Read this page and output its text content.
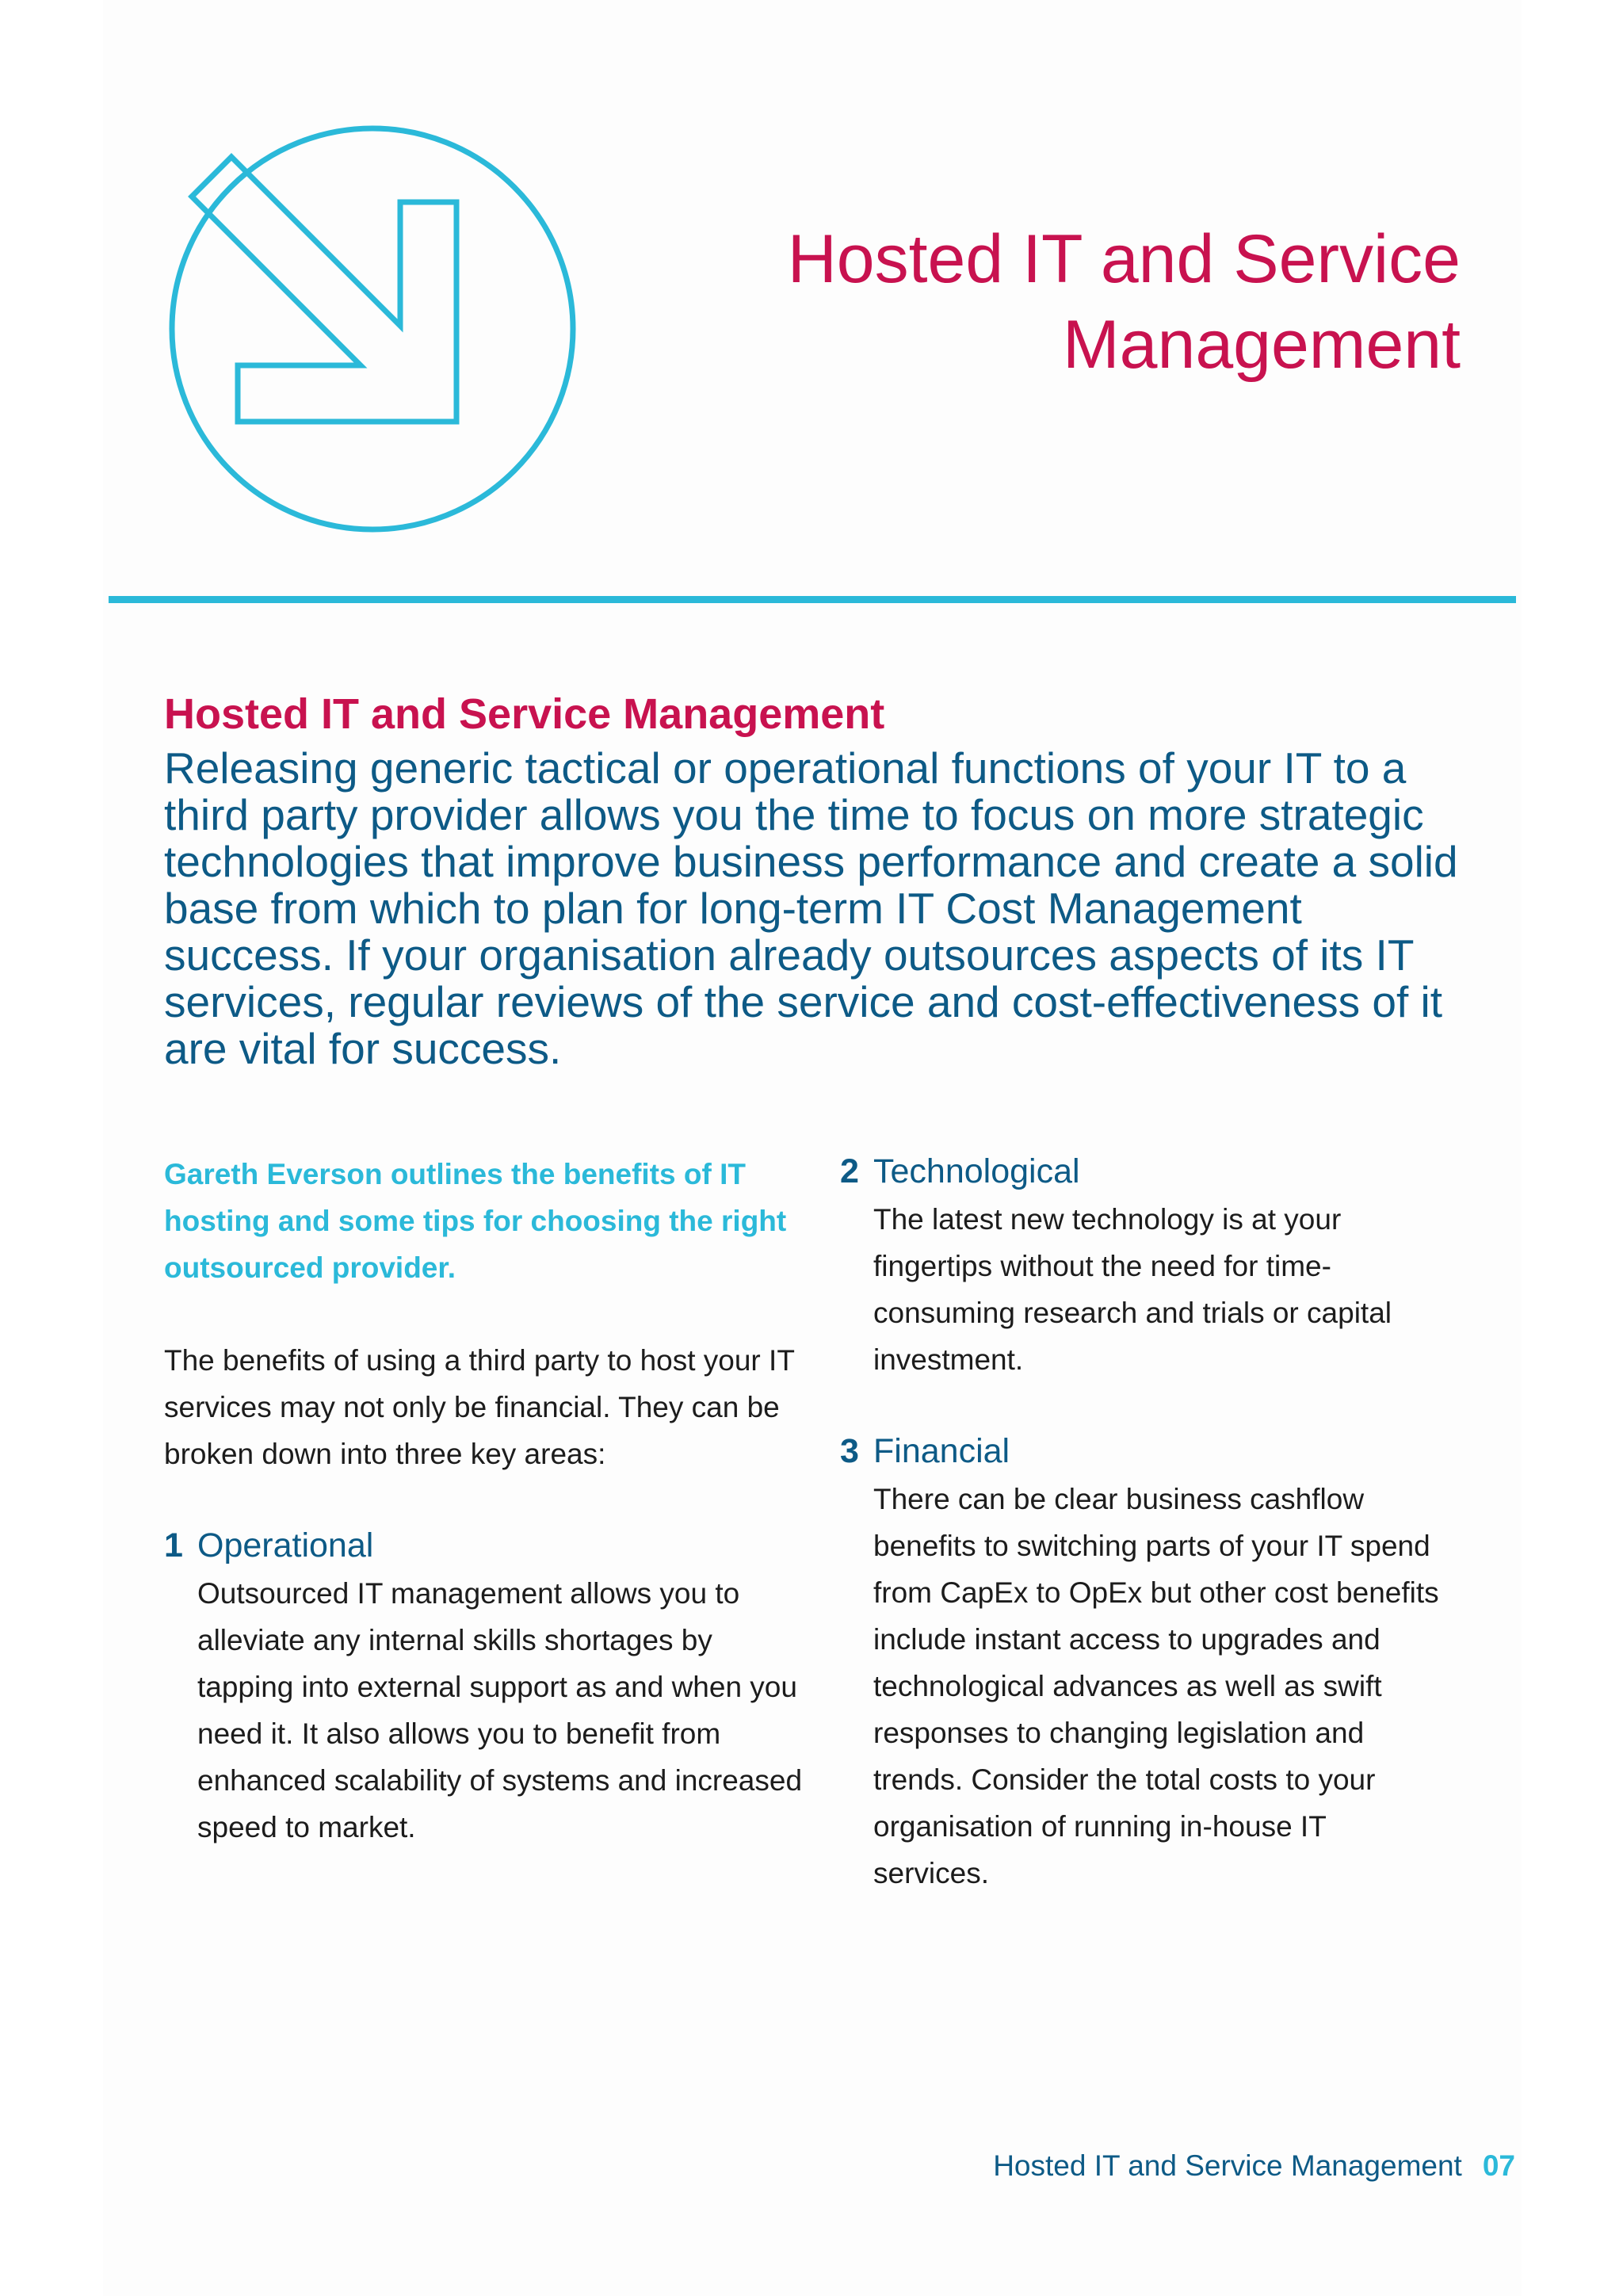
Hosted IT and Service Management
Hosted IT and Service Management

Releasing generic tactical or operational functions of your IT to a third party provider allows you the time to focus on more strategic technologies that improve business performance and create a solid base from which to plan for long-term IT Cost Management success. If your organisation already outsources aspects of its IT services, regular reviews of the service and cost-effectiveness of it are vital for success.

Gareth Everson outlines the benefits of IT hosting and some tips for choosing the right outsourced provider.

The benefits of using a third party to host your IT services may not only be financial. They can be broken down into three key areas:

1 Operational

Outsourced IT management allows you to alleviate any internal skills shortages by tapping into external support as and when you need it. It also allows you to benefit from enhanced scalability of systems and increased speed to market.

2 Technological

The latest new technology is at your fingertips without the need for time-consuming research and trials or capital investment.

3 Financial

There can be clear business cashflow benefits to switching parts of your IT spend from CapEx to OpEx but other cost benefits include instant access to upgrades and technological advances as well as swift responses to changing legislation and trends. Consider the total costs to your organisation of running in-house IT services.

Hosted IT and Service Management 07
